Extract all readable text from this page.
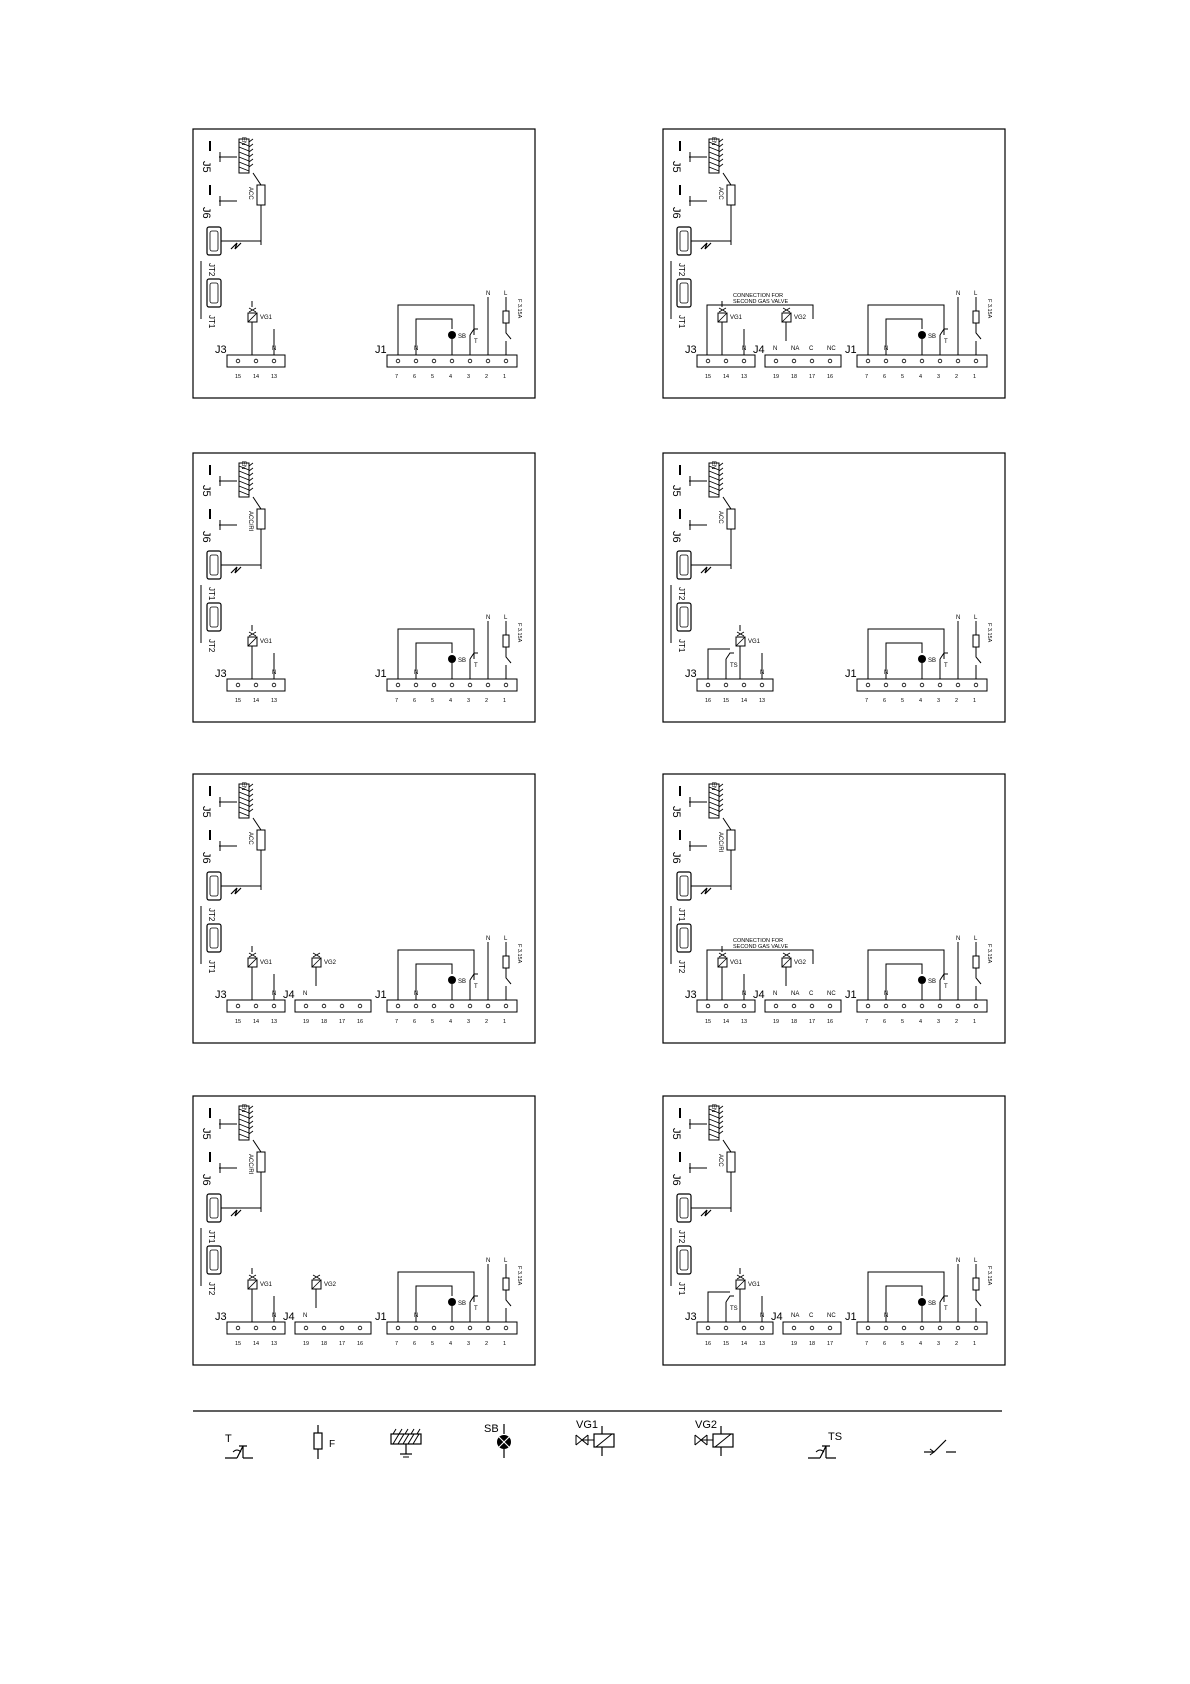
J5
J6
EN
ACC
JT2
JT1
15 14 13
J3
VG1
N
7	6	5	4	3	2	1
J1
SB
N
T
N L
F 3.15A
J5
J6
EN
ACC
JT2
JT1
15 14 13
J3
VG1
N
19 18 17 16
J4 N NA C NC
VG2
CONNECTION FOR
SECOND GAS VALVE
7	6	5	4	3	2	1
J1
SB
N
T
N L
F 3.15A
J5
J6
EN
ACC/RI
JT1
JT2
15 14 13
J3
VG1
N
7	6	5	4	3	2	1
J1
SB
N
T
N L
F 3.15A
J5
J6
EN
ACC
JT2
JT1
16 15 14 13
J3
VG1
N
TS
7	6	5	4	3	2	1
J1
SB
N
T
N L
F 3.15A
J5
J6
EN
ACC
JT2
JT1
15 14 13
J3
VG1
N
19 18 17 16
J4 N
VG2
7	6	5	4	3	2	1
J1
SB
N
T
N L
F 3.15A
J5
J6
EN
ACC/RI
JT1
JT2
15 14 13
J3
VG1
N
19 18 17 16
J4 N NA C NC
VG2
CONNECTION FOR
SECOND GAS VALVE
7	6	5	4	3	2	1
J1
SB
N
T
N L
F 3.15A
J5
J6
EN
ACC/RI
JT1
JT2
15 14 13
J3
VG1
N
19 18 17 16
J4 N
VG2
7	6	5	4	3	2	1
J1
SB
N
T
N L
F 3.15A
J5
J6
EN
ACC
JT2
JT1
16 15 14 13
J3
VG1
N
TS
19 18 17
J4 NA C NC
7	6	5	4	3	2	1
J1
SB
N
T
N L
F 3.15A
T	F
SB	VG1	VG2
TS
